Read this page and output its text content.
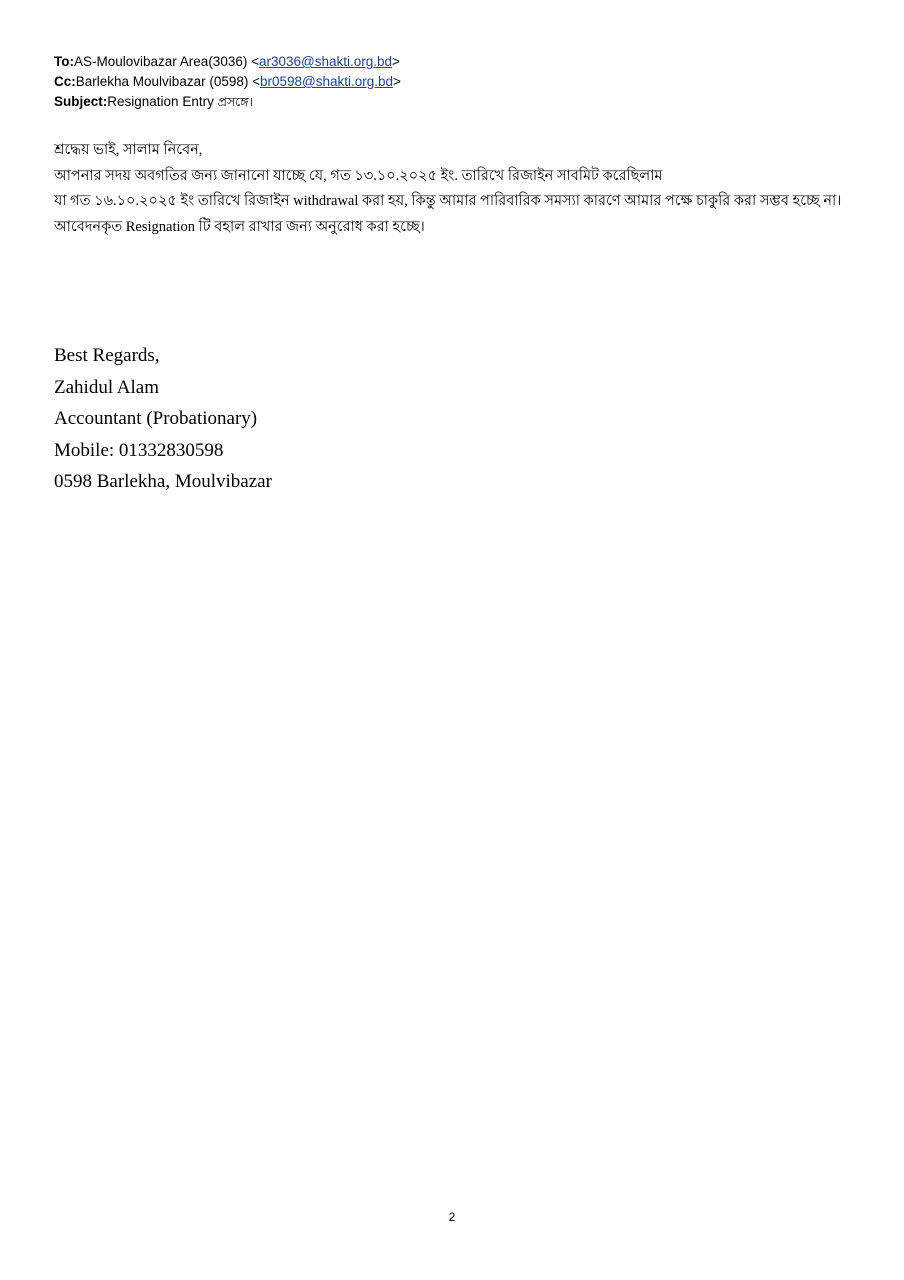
To:AS-Moulovibazar Area(3036) <ar3036@shakti.org.bd>
Cc:Barlekha Moulvibazar (0598) <br0598@shakti.org.bd>
Subject:Resignation Entry প্রসঙ্গে।
শ্রদ্ধেয় ভাই, সালাম নিবেন,
আপনার সদয় অবগতির জন্য জানানো যাচ্ছে যে, গত ১৩.১০.২০২৫ ইং. তারিখে রিজাইন সাবমিট করেছিলাম
যা গত ১৬.১০.২০২৫ ইং তারিখে রিজাইন withdrawal করা হয়, কিন্তু আমার পারিবারিক সমস্যা কারণে আমার পক্ষে চাকুরি করা সম্ভব হচ্ছে না।
আবেদনকৃত Resignation টি বহাল রাখার জন্য অনুরোধ করা হচ্ছে।
Best Regards,
Zahidul Alam
Accountant (Probationary)
Mobile: 01332830598
0598 Barlekha, Moulvibazar
2
